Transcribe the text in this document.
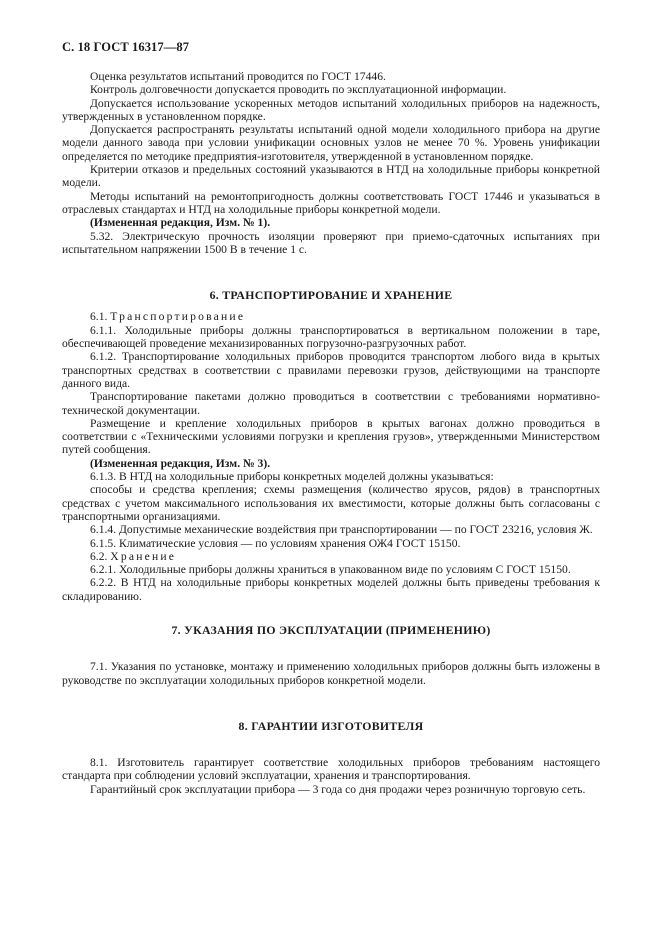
С. 18 ГОСТ 16317—87

Оценка результатов испытаний проводится по ГОСТ 17446.

Контроль долговечности допускается проводить по эксплуатационной информации.

Допускается использование ускоренных методов испытаний холодильных приборов на надежность, утвержденных в установленном порядке.

Допускается распространять результаты испытаний одной модели холодильного прибора на другие модели данного завода при условии унификации основных узлов не менее 70 %. Уровень унификации определяется по методике предприятия-изготовителя, утвержденной в установленном порядке.

Критерии отказов и предельных состояний указываются в НТД на холодильные приборы конкретной модели.

Методы испытаний на ремонтопригодность должны соответствовать ГОСТ 17446 и указываться в отраслевых стандартах и НТД на холодильные приборы конкретной модели.

(Измененная редакция, Изм. № 1).

5.32. Электрическую прочность изоляции проверяют при приемо-сдаточных испытаниях при испытательном напряжении 1500 В в течение 1 с.

6. ТРАНСПОРТИРОВАНИЕ И ХРАНЕНИЕ

6.1. Транспортирование

6.1.1. Холодильные приборы должны транспортироваться в вертикальном положении в таре, обеспечивающей проведение механизированных погрузочно-разгрузочных работ.

6.1.2. Транспортирование холодильных приборов проводится транспортом любого вида в крытых транспортных средствах в соответствии с правилами перевозки грузов, действующими на транспорте данного вида.

Транспортирование пакетами должно проводиться в соответствии с требованиями нормативно-технической документации.

Размещение и крепление холодильных приборов в крытых вагонах должно проводиться в соответствии с «Техническими условиями погрузки и крепления грузов», утвержденными Министерством путей сообщения.

(Измененная редакция, Изм. № 3).

6.1.3. В НТД на холодильные приборы конкретных моделей должны указываться:

способы и средства крепления; схемы размещения (количество ярусов, рядов) в транспортных средствах с учетом максимального использования их вместимости, которые должны быть согласованы с транспортными организациями.

6.1.4. Допустимые механические воздействия при транспортировании — по ГОСТ 23216, условия Ж.

6.1.5. Климатические условия — по условиям хранения ОЖ4 ГОСТ 15150.

6.2. Хранение

6.2.1. Холодильные приборы должны храниться в упакованном виде по условиям С ГОСТ 15150.

6.2.2. В НТД на холодильные приборы конкретных моделей должны быть приведены требования к складированию.

7. УКАЗАНИЯ ПО ЭКСПЛУАТАЦИИ (ПРИМЕНЕНИЮ)

7.1. Указания по установке, монтажу и применению холодильных приборов должны быть изложены в руководстве по эксплуатации холодильных приборов конкретной модели.

8. ГАРАНТИИ ИЗГОТОВИТЕЛЯ

8.1. Изготовитель гарантирует соответствие холодильных приборов требованиям настоящего стандарта при соблюдении условий эксплуатации, хранения и транспортирования.

Гарантийный срок эксплуатации прибора — 3 года со дня продажи через розничную торговую сеть.
